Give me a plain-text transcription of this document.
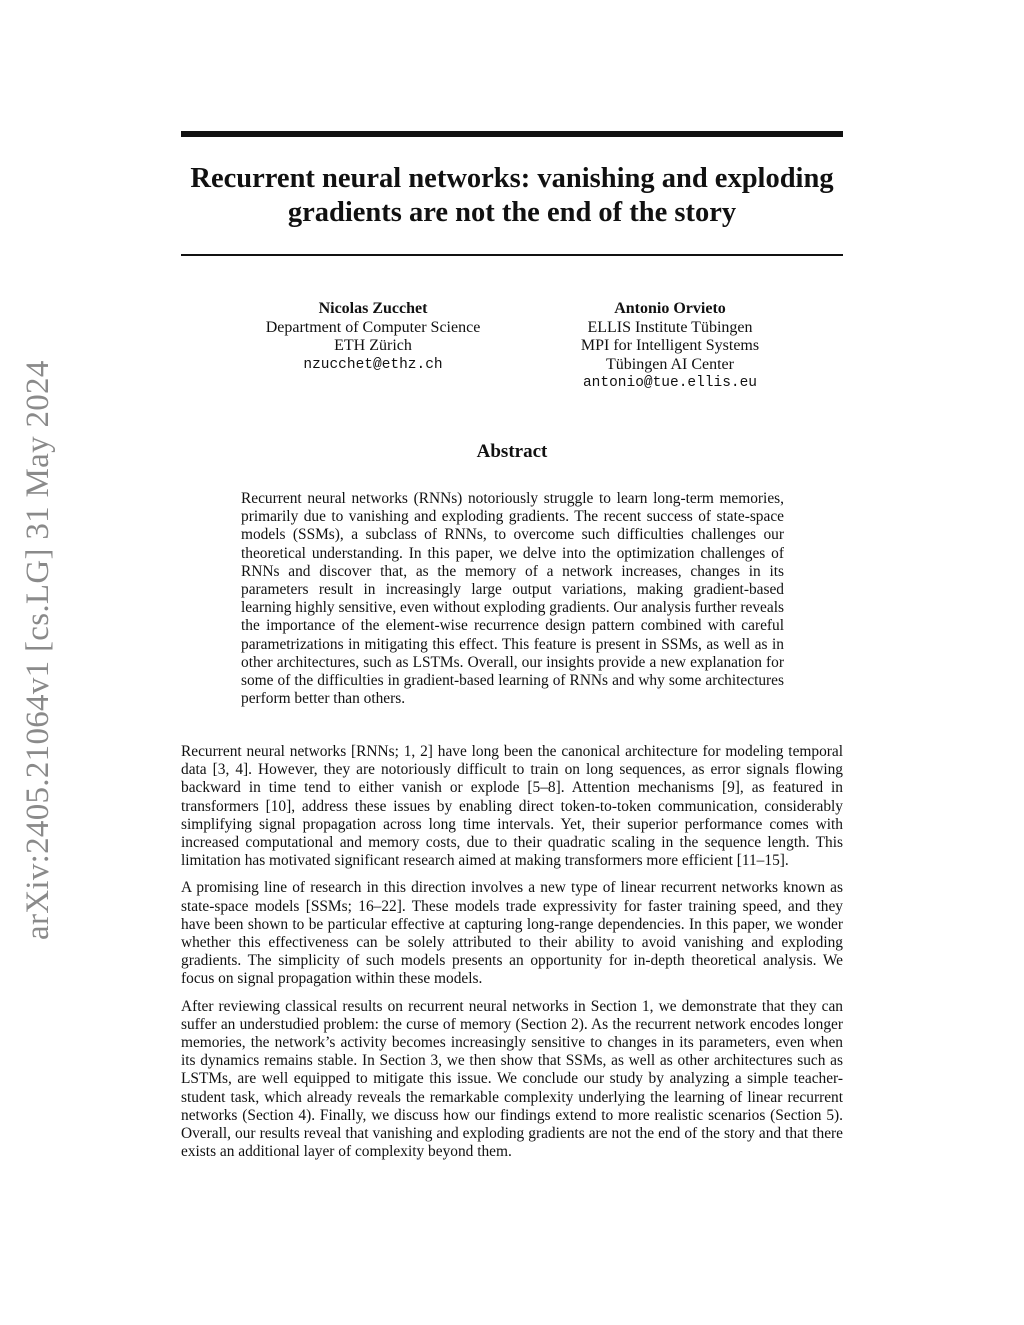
arXiv:2405.21064v1 [cs.LG] 31 May 2024
Recurrent neural networks: vanishing and exploding gradients are not the end of the story
Nicolas Zucchet
Department of Computer Science
ETH Zürich
nzucchet@ethz.ch
Antonio Orvieto
ELLIS Institute Tübingen
MPI for Intelligent Systems
Tübingen AI Center
antonio@tue.ellis.eu
Abstract

Recurrent neural networks (RNNs) notoriously struggle to learn long-term memories, primarily due to vanishing and exploding gradients. The recent success of state-space models (SSMs), a subclass of RNNs, to overcome such difficulties challenges our theoretical understanding. In this paper, we delve into the optimization challenges of RNNs and discover that, as the memory of a network increases, changes in its parameters result in increasingly large output variations, making gradient-based learning highly sensitive, even without exploding gradients. Our analysis further reveals the importance of the element-wise recurrence design pattern combined with careful parametrizations in mitigating this effect. This feature is present in SSMs, as well as in other architectures, such as LSTMs. Overall, our insights provide a new explanation for some of the difficulties in gradient-based learning of RNNs and why some architectures perform better than others.

Recurrent neural networks [RNNs; 1, 2] have long been the canonical architecture for modeling temporal data [3, 4]. However, they are notoriously difficult to train on long sequences, as error signals flowing backward in time tend to either vanish or explode [5–8]. Attention mechanisms [9], as featured in transformers [10], address these issues by enabling direct token-to-token communication, considerably simplifying signal propagation across long time intervals. Yet, their superior performance comes with increased computational and memory costs, due to their quadratic scaling in the sequence length. This limitation has motivated significant research aimed at making transformers more efficient [11–15].

A promising line of research in this direction involves a new type of linear recurrent networks known as state-space models [SSMs; 16–22]. These models trade expressivity for faster training speed, and they have been shown to be particular effective at capturing long-range dependencies. In this paper, we wonder whether this effectiveness can be solely attributed to their ability to avoid vanishing and exploding gradients. The simplicity of such models presents an opportunity for in-depth theoretical analysis. We focus on signal propagation within these models.

After reviewing classical results on recurrent neural networks in Section 1, we demonstrate that they can suffer an understudied problem: the curse of memory (Section 2). As the recurrent network encodes longer memories, the network’s activity becomes increasingly sensitive to changes in its parameters, even when its dynamics remains stable. In Section 3, we then show that SSMs, as well as other architectures such as LSTMs, are well equipped to mitigate this issue. We conclude our study by analyzing a simple teacher-student task, which already reveals the remarkable complexity underlying the learning of linear recurrent networks (Section 4). Finally, we discuss how our findings extend to more realistic scenarios (Section 5). Overall, our results reveal that vanishing and exploding gradients are not the end of the story and that there exists an additional layer of complexity beyond them.
